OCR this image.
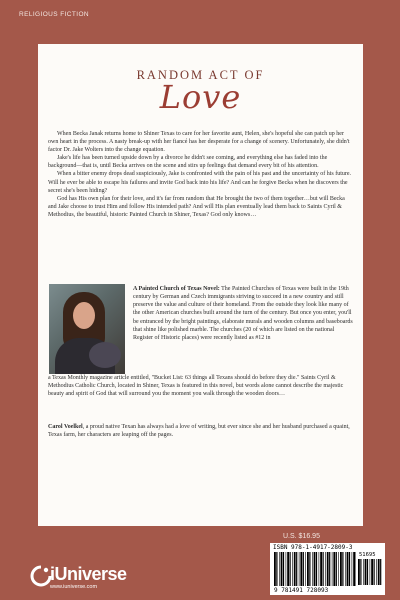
RELIGIOUS FICTION
RANDOM ACT OF
Love

When Becka Janak returns home to Shiner Texas to care for her favorite aunt, Helen, she's hopeful she can patch up her own heart in the process. A nasty break-up with her fiancé has her desperate for a change of scenery. Unfortunately, she didn't factor Dr. Jake Wolters into the change equation.

Jake's life has been turned upside down by a divorce he didn't see coming, and everything else has faded into the background—that is, until Becka arrives on the scene and stirs up feelings that demand every bit of his attention.

When a bitter enemy drops dead suspiciously, Jake is confronted with the pain of his past and the uncertainty of his future. Will he ever be able to escape his failures and invite God back into his life? And can he forgive Becka when he discovers the secret she's been hiding?

God has His own plan for their love, and it's far from random that He brought the two of them together…but will Becka and Jake choose to trust Him and follow His intended path? And will His plan eventually lead them back to Saints Cyril & Methodius, the beautiful, historic Painted Church in Shiner, Texas? God only knows…

A Painted Church of Texas Novel: The Painted Churches of Texas were built in the 19th century by German and Czech immigrants striving to succeed in a new country and still preserve the value and culture of their homeland. From the outside they look like many of the other American churches built around the turn of the century. But once you enter, you'll be entranced by the bright paintings, elaborate murals and wooden columns and baseboards that shine like polished marble. The churches (20 of which are listed on the national Register of Historic places) were recently listed as #12 in

a Texas Monthly magazine article entitled, "Bucket List: 63 things all Texans should do before they die." Saints Cyril & Methodius Catholic Church, located in Shiner, Texas is featured in this novel, but words alone cannot describe the majestic beauty and spirit of God that will surround you the moment you walk through the wooden doors…

Carol Voelkel, a proud native Texan has always had a love of writing, but ever since she and her husband purchased a quaint, Texas farm, her characters are leaping off the pages.

U.S. $16.95
ISBN 978-1-4917-2809-3
51695
9 781491 728093
iUniverse
www.iuniverse.com
